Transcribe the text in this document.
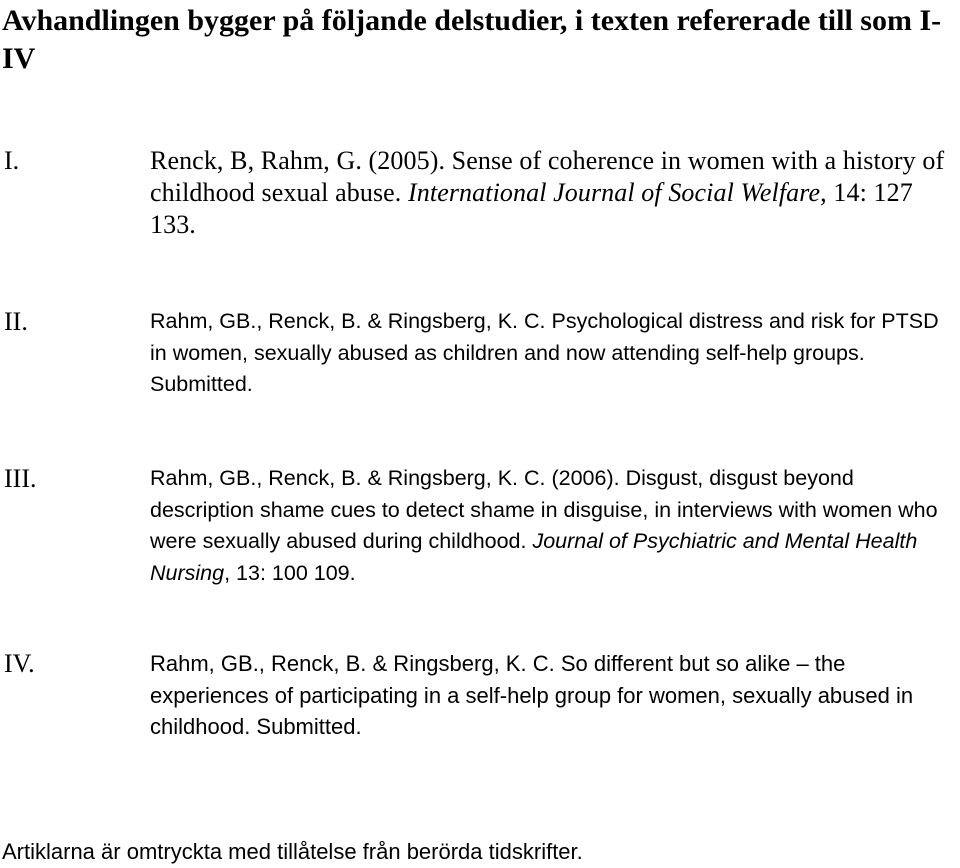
Avhandlingen bygger på följande delstudier, i texten refererade till som I-IV
I.	Renck, B, Rahm, G. (2005). Sense of coherence in women with a history of childhood sexual abuse. International Journal of Social Welfare, 14: 127 133.
II.	Rahm, GB., Renck, B. & Ringsberg, K. C. Psychological distress and risk for PTSD in women, sexually abused as children and now attending self-help groups. Submitted.
III.	Rahm, GB., Renck, B. & Ringsberg, K. C. (2006). Disgust, disgust beyond description shame cues to detect shame in disguise, in interviews with women who were sexually abused during childhood. Journal of Psychiatric and Mental Health Nursing, 13: 100 109.
IV.	Rahm, GB., Renck, B. & Ringsberg, K. C. So different but so alike – the experiences of participating in a self-help group for women, sexually abused in childhood. Submitted.
Artiklarna är omtryckta med tillåtelse från berörda tidskrifter.
